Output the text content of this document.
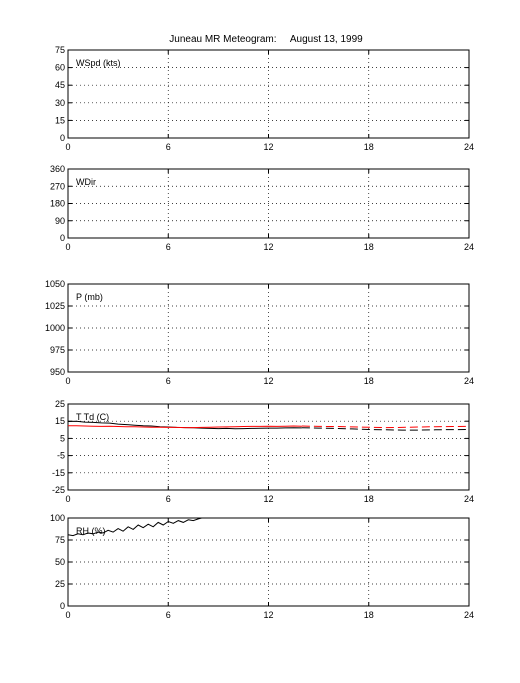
Juneau MR Meteogram:     August 13, 1999
0	6	12	18	24
0
15
30
45
60
75
WSpd (kts)
0	6	12	18	24
0
90
180
270
360
WDir
0	6	12	18	24
950
975
1000
1025
1050
P (mb)
0	6	12	18	24
-25
-15
-5
5
15
25
T Td (C)
0	6	12	18	24
0
25
50
75
100
RH (%)
